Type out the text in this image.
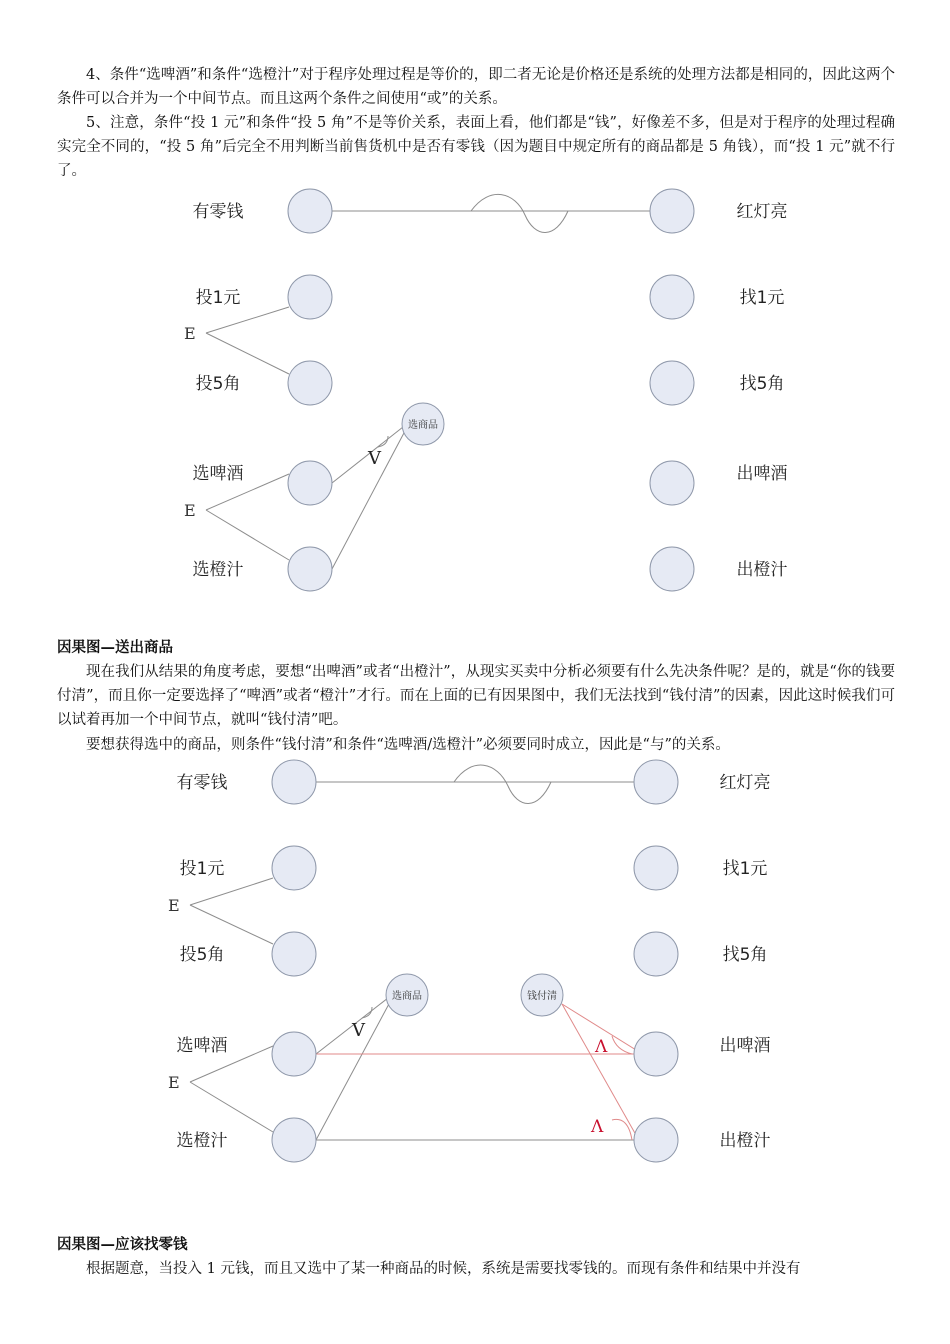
4、条件“选啤酒”和条件“选橙汁”对于程序处理过程是等价的，即二者无论是价格还是系统的处理方法都是相同的，因此这两个条件可以合并为一个中间节点。而且这两个条件之间使用“或”的关系。

5、注意，条件“投 1 元”和条件“投 5 角”不是等价关系，表面上看，他们都是“钱”，好像差不多，但是对于程序的处理过程确实完全不同的，“投 5 角”后完全不用判断当前售货机中是否有零钱（因为题目中规定所有的商品都是 5 角钱），而“投 1 元”就不行了。

有零钱
投1元
投5角
选啤酒
选橙汁
红灯亮
找1元
找5角
出啤酒
出橙汁
E
E
V
选商品
因果图—送出商品

现在我们从结果的角度考虑，要想“出啤酒”或者“出橙汁”，从现实买卖中分析必须要有什么先决条件呢？是的，就是“你的钱要付清”，而且你一定要选择了“啤酒”或者“橙汁”才行。而在上面的已有因果图中，我们无法找到“钱付清”的因素，因此这时候我们可以试着再加一个中间节点，就叫“钱付清”吧。

要想获得选中的商品，则条件“钱付清”和条件“选啤酒/选橙汁”必须要同时成立，因此是“与”的关系。

有零钱
投1元
投5角
选啤酒
选橙汁
红灯亮
找1元
找5角
出啤酒
出橙汁
E
E
V
Λ
Λ
选商品	钱付清
因果图—应该找零钱

根据题意，当投入 1 元钱，而且又选中了某一种商品的时候，系统是需要找零钱的。而现有条件和结果中并没有
